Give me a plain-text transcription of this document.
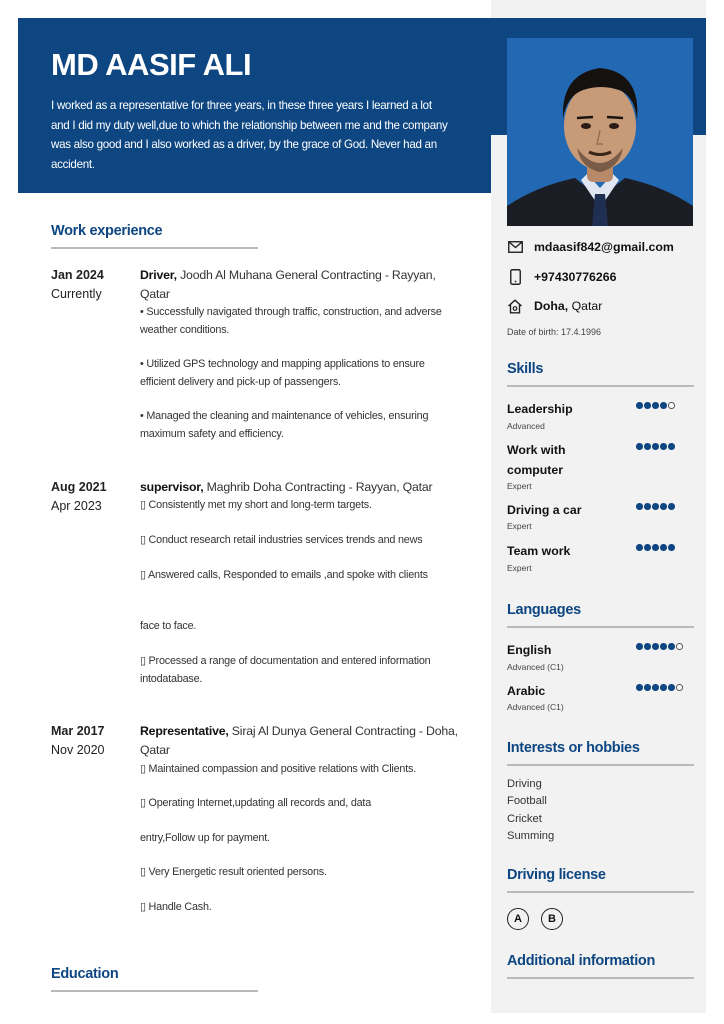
MD AASIF ALI

I worked as a representative for three years, in these three years I learned a lot and I did my duty well,due to which the relationship between me and the company was also good and I also worked as a driver, by the grace of God. Never had an accident.

Work experience
Jan 2024
Currently
Driver, Joodh Al Muhana General Contracting - Rayyan, Qatar
• Successfully navigated through traffic, construction, and adverse weather conditions.
• Utilized GPS technology and mapping applications to ensure efficient delivery and pick-up of passengers.
• Managed the cleaning and maintenance of vehicles, ensuring maximum safety and efficiency.
Aug 2021
Apr 2023
supervisor, Maghrib Doha Contracting - Rayyan, Qatar
▯ Consistently met my short and long-term targets.
▯ Conduct research retail industries services trends and news
▯ Answered calls, Responded to emails ,and spoke with clients
face to face.
▯ Processed a range of documentation and entered information intodatabase.
Mar 2017
Nov 2020
Representative, Siraj Al Dunya General Contracting - Doha, Qatar
▯ Maintained compassion and positive relations with Clients.
▯ Operating Internet,updating all records and, data
entry,Follow up for payment.
▯ Very Energetic result oriented persons.
▯ Handle Cash.
Education
mdaasif842@gmail.com
+97430776266
Doha, Qatar
Date of birth: 17.4.1996
Skills
Leadership
Advanced
Work with computer
Expert
Driving a car
Expert
Team work
Expert
Languages
English
Advanced (C1)
Arabic
Advanced (C1)
Interests or hobbies
Driving
Football
Cricket
Summing
Driving license
A	B
Additional information
